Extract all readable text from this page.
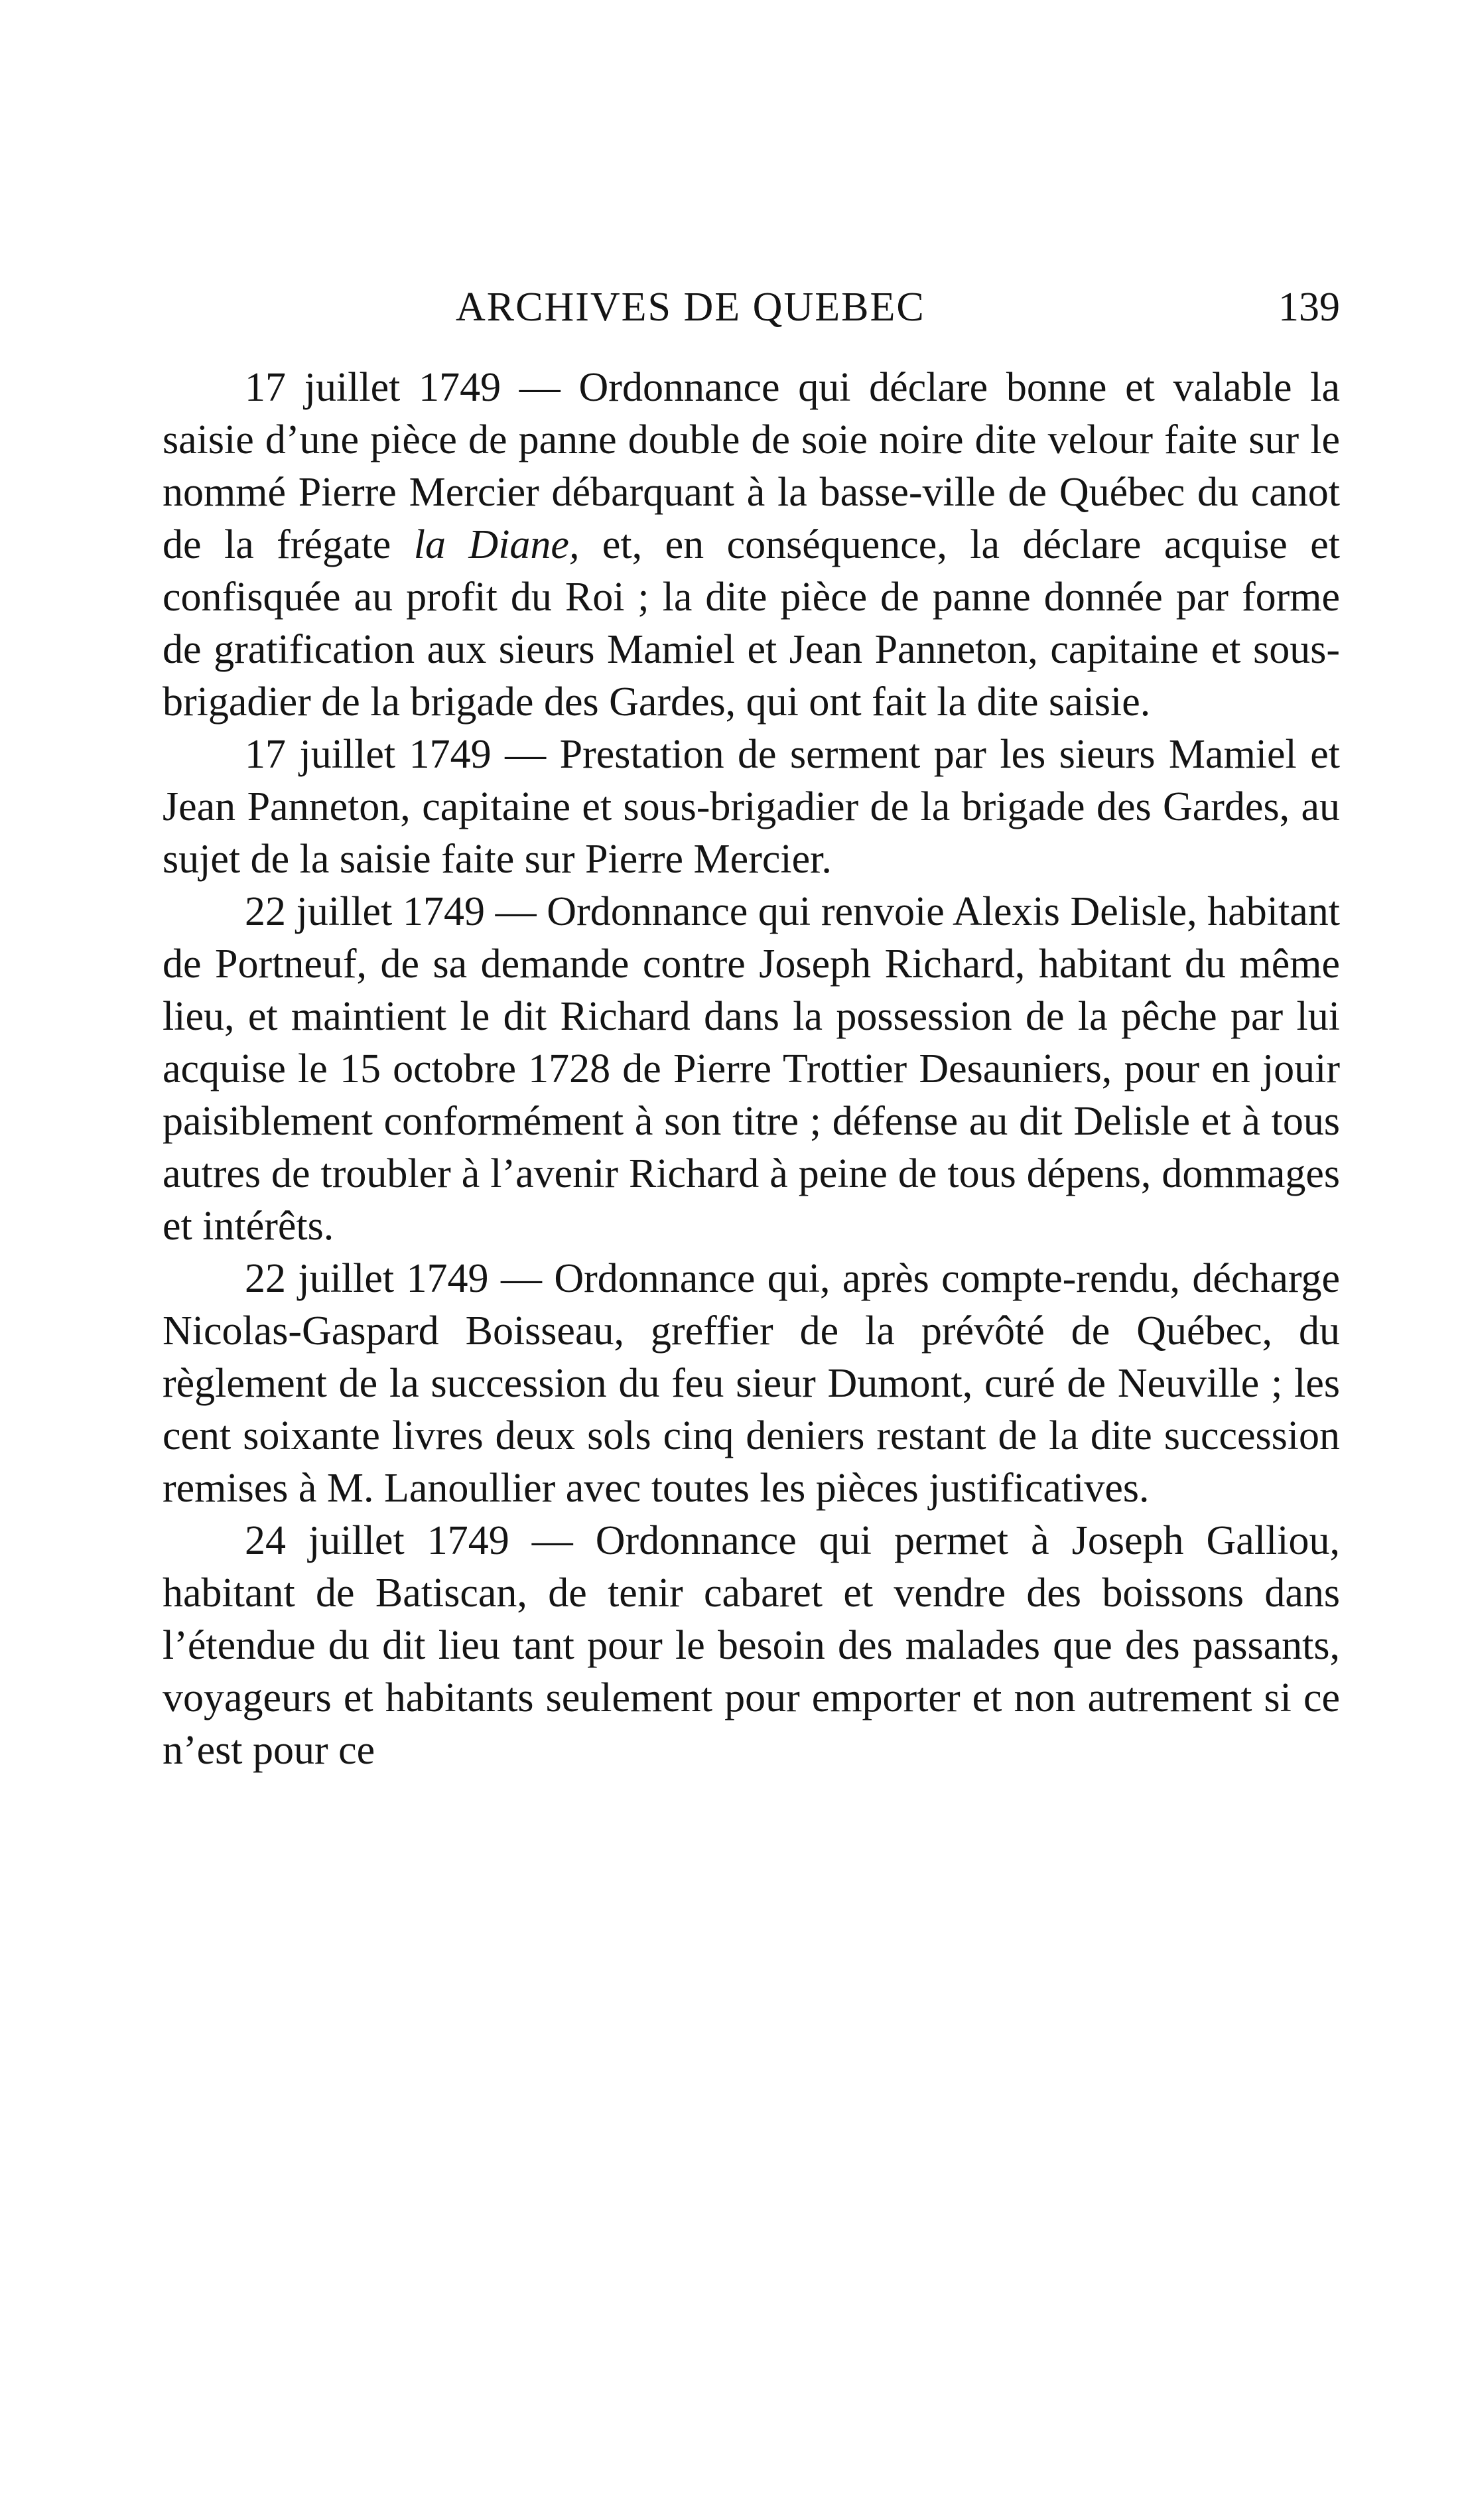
ARCHIVES DE QUEBEC	139

17 juillet 1749 — Ordonnance qui déclare bonne et valable la saisie d’une pièce de panne double de soie noire dite velour faite sur le nommé Pierre Mercier débarquant à la basse-ville de Québec du canot de la frégate la Diane, et, en conséquence, la déclare acquise et confisquée au profit du Roi ; la dite pièce de panne donnée par forme de gratification aux sieurs Mamiel et Jean Panneton, capitaine et sous-brigadier de la brigade des Gardes, qui ont fait la dite saisie.

17 juillet 1749 — Prestation de serment par les sieurs Mamiel et Jean Panneton, capitaine et sous-brigadier de la brigade des Gardes, au sujet de la saisie faite sur Pierre Mercier.

22 juillet 1749 — Ordonnance qui renvoie Alexis Delisle, habitant de Portneuf, de sa demande contre Joseph Richard, habitant du même lieu, et maintient le dit Richard dans la possession de la pêche par lui acquise le 15 octobre 1728 de Pierre Trottier Desauniers, pour en jouir paisiblement conformément à son titre ; défense au dit Delisle et à tous autres de troubler à l’avenir Richard à peine de tous dépens, dommages et intérêts.

22 juillet 1749 — Ordonnance qui, après compte-rendu, décharge Nicolas-Gaspard Boisseau, greffier de la prévôté de Québec, du règlement de la succession du feu sieur Dumont, curé de Neuville ; les cent soixante livres deux sols cinq deniers restant de la dite succession remises à M. Lanoullier avec toutes les pièces justificatives.

24 juillet 1749 — Ordonnance qui permet à Joseph Galliou, habitant de Batiscan, de tenir cabaret et vendre des boissons dans l’étendue du dit lieu tant pour le besoin des malades que des passants, voyageurs et habitants seulement pour emporter et non autrement si ce n’est pour ce
